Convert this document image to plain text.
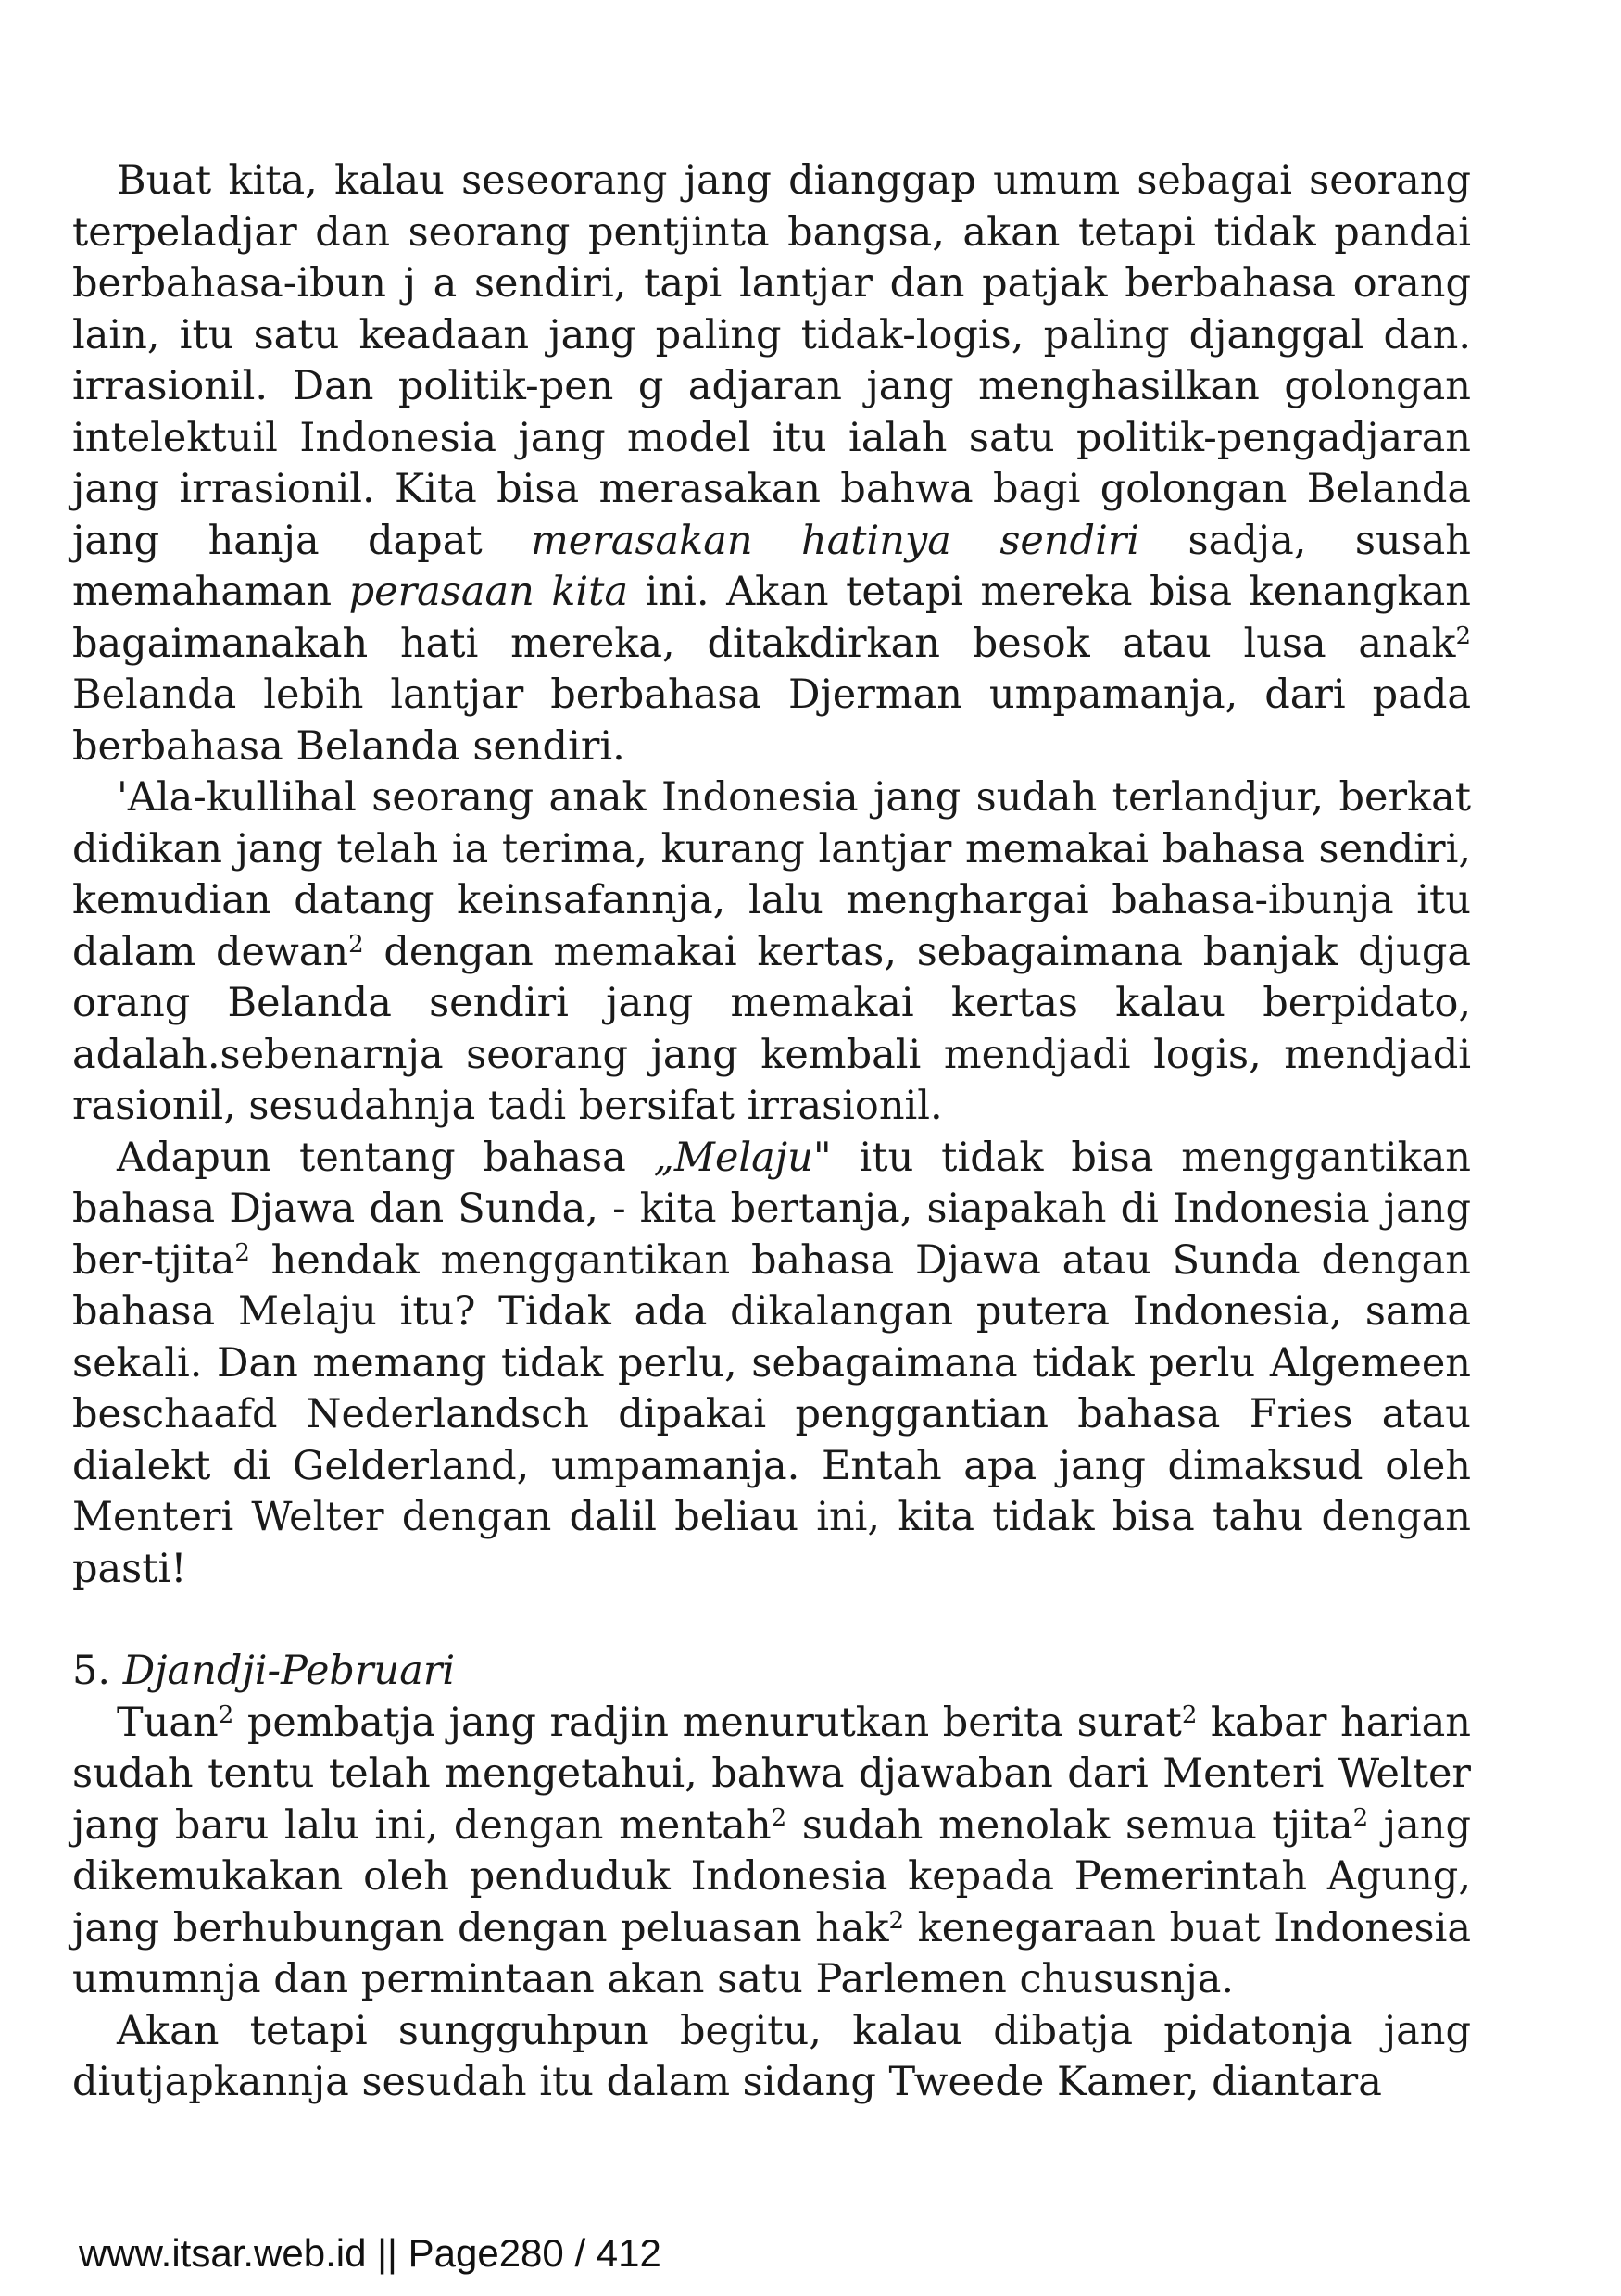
Buat kita, kalau seseorang jang dianggap umum sebagai seorang terpeladjar dan seorang pentjinta bangsa, akan tetapi tidak pandai berbahasa-ibun j a sendiri, tapi lantjar dan patjak berbahasa orang lain, itu satu keadaan jang paling tidak-logis, paling djanggal dan. irrasionil. Dan politik-pen g adjaran jang menghasilkan golongan intelektuil Indonesia jang model itu ialah satu politik-pengadjaran jang irrasionil. Kita bisa merasakan bahwa bagi golongan Belanda jang hanja dapat merasakan hatinya sendiri sadja, susah memahaman perasaan kita ini. Akan tetapi mereka bisa kenangkan bagaimanakah hati mereka, ditakdirkan besok atau lusa anak$^2$ Belanda lebih lantjar berbahasa Djerman umpamanja, dari pada berbahasa Belanda sendiri.

'Ala-kullihal seorang anak Indonesia jang sudah terlandjur, berkat didikan jang telah ia terima, kurang lantjar memakai bahasa sendiri, kemudian datang keinsafannja, lalu menghargai bahasa-ibunja itu dalam dewan$^2$ dengan memakai kertas, sebagaimana banjak djuga orang Belanda sendiri jang memakai kertas kalau berpidato, adalah.sebenarnja seorang jang kembali mendjadi logis, mendjadi rasionil, sesudahnja tadi bersifat irrasionil.

Adapun tentang bahasa „Melaju" itu tidak bisa menggantikan bahasa Djawa dan Sunda, - kita bertanja, siapakah di Indonesia jang ber-tjita$^2$ hendak menggantikan bahasa Djawa atau Sunda dengan bahasa Melaju itu? Tidak ada dikalangan putera Indonesia, sama sekali. Dan memang tidak perlu, sebagaimana tidak perlu Algemeen beschaafd Nederlandsch dipakai penggantian bahasa Fries atau dialekt di Gelderland, umpamanja. Entah apa jang dimaksud oleh Menteri Welter dengan dalil beliau ini, kita tidak bisa tahu dengan pasti!

5. Djandji-Pebruari

Tuan$^2$ pembatja jang radjin menurutkan berita surat$^2$ kabar harian sudah tentu telah mengetahui, bahwa djawaban dari Menteri Welter jang baru lalu ini, dengan mentah$^2$ sudah menolak semua tjita$^2$ jang dikemukakan oleh penduduk Indonesia kepada Pemerintah Agung, jang berhubungan dengan peluasan hak$^2$ kenegaraan buat Indonesia umumnja dan permintaan akan satu Parlemen chususnja.

Akan tetapi sungguhpun begitu, kalau dibatja pidatonja jang diutjapkannja sesudah itu dalam sidang Tweede Kamer, diantara

www.itsar.web.id || Page280 / 412
